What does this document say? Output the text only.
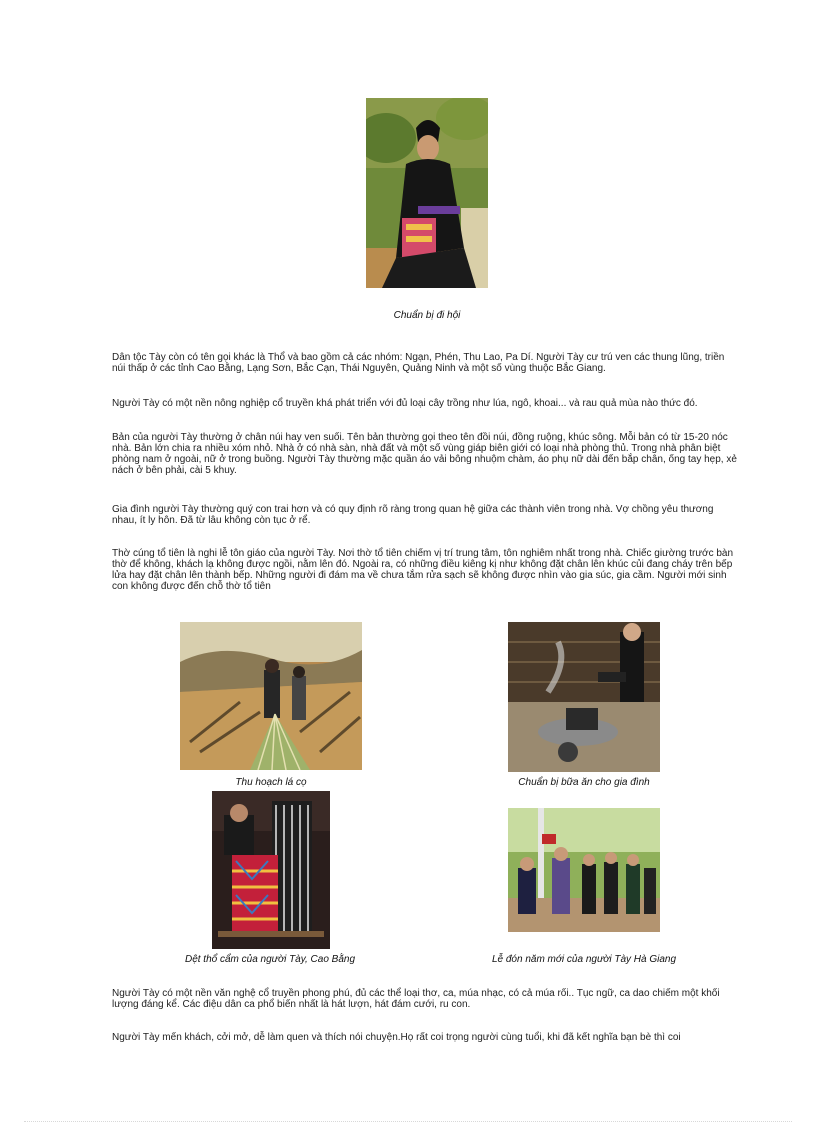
Chuẩn bị đi hội

Dân tộc Tày còn có tên gọi khác là Thổ và bao gồm cả các nhóm: Ngạn, Phén, Thu Lao, Pa Dí. Người Tày cư trú ven các thung lũng, triền núi thấp ở các tỉnh Cao Bằng, Lạng Sơn, Bắc Cạn, Thái Nguyên, Quảng Ninh và một số vùng thuộc Bắc Giang.

Người Tày có một nền nông nghiệp cổ truyền khá phát triển với đủ loại cây trồng như lúa, ngô, khoai... và rau quả mùa nào thức đó.

Bản của người Tày thường ở chân núi hay ven suối. Tên bản thường gọi theo tên đồi núi, đồng ruộng, khúc sông. Mỗi bản có từ 15-20 nóc nhà. Bản lớn chia ra nhiều xóm nhỏ. Nhà ở có nhà sàn, nhà đất và một số vùng giáp biên giới có loại nhà phòng thủ. Trong nhà phân biệt phòng nam ở ngoài, nữ ở trong buồng. Người Tày thường mặc quần áo vải bông nhuộm chàm, áo phụ nữ dài đến bắp chân, ống tay hẹp, xẻ nách ở bên phải, cài 5 khuy.

Gia đình người Tày thường quý con trai hơn và có quy định rõ ràng trong quan hệ giữa các thành viên trong nhà. Vợ chồng yêu thương nhau, ít ly hôn. Đã từ lâu không còn tục ở rể.

Thờ cúng tổ tiên là nghi lễ tôn giáo của người Tày. Nơi thờ tổ tiên chiếm vị trí trung tâm, tôn nghiêm nhất trong nhà. Chiếc giường trước bàn thờ để không, khách lạ không được ngồi, nằm lên đó. Ngoài ra, có những điều kiêng kị như không đặt chân lên khúc củi đang cháy trên bếp lửa hay đặt chân lên thành bếp. Những người đi đám ma về chưa tắm rửa sạch sẽ không được nhìn vào gia súc, gia cầm. Người mới sinh con không được đến chỗ thờ tổ tiên

Thu hoạch lá cọ	Chuẩn bị bữa ăn cho gia đình
Dệt thổ cẩm của người Tày, Cao Bằng	Lễ đón năm mới của người Tày Hà Giang

Người Tày có một nền văn nghệ cổ truyền phong phú, đủ các thể loại thơ, ca, múa nhạc, có cả múa rối.. Tục ngữ, ca dao chiếm một khối lượng đáng kể. Các điệu dân ca phổ biến nhất là hát lượn, hát đám cưới, ru con.

Người Tày mến khách, cởi mở, dễ làm quen và thích nói chuyện.Họ rất coi trọng người cùng tuổi, khi đã kết nghĩa bạn bè thì coi
